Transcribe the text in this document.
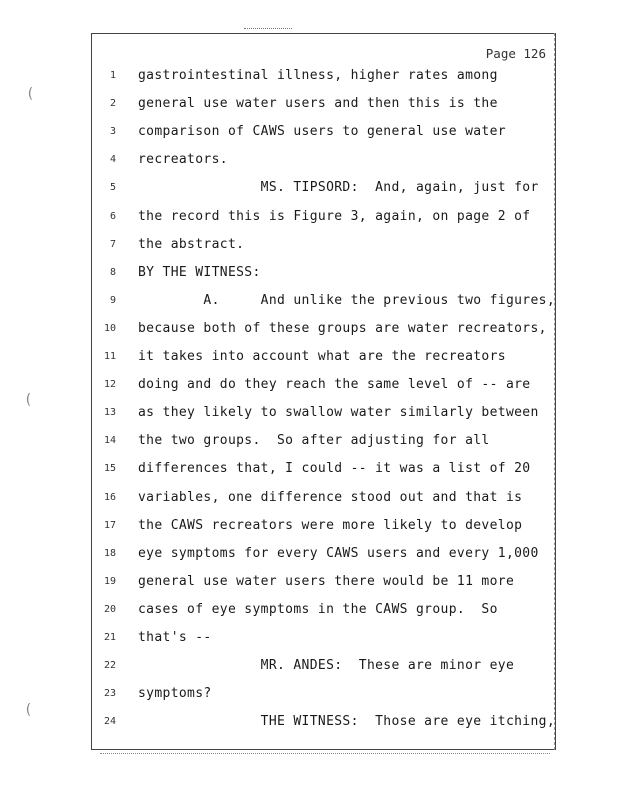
(
(
(
Page 126
1 gastrointestinal illness, higher rates among
2 general use water users and then this is the
3 comparison of CAWS users to general use water
4 recreators.
5 MS. TIPSORD:  And, again, just for
6 the record this is Figure 3, again, on page 2 of
7 the abstract.
8 BY THE WITNESS:
9 A.     And unlike the previous two figures,
10 because both of these groups are water recreators,
11 it takes into account what are the recreators
12 doing and do they reach the same level of -- are
13 as they likely to swallow water similarly between
14 the two groups.  So after adjusting for all
15 differences that, I could -- it was a list of 20
16 variables, one difference stood out and that is
17 the CAWS recreators were more likely to develop
18 eye symptoms for every CAWS users and every 1,000
19 general use water users there would be 11 more
20 cases of eye symptoms in the CAWS group.  So
21 that's --
22 MR. ANDES:  These are minor eye
23 symptoms?
24 THE WITNESS:  Those are eye itching,
